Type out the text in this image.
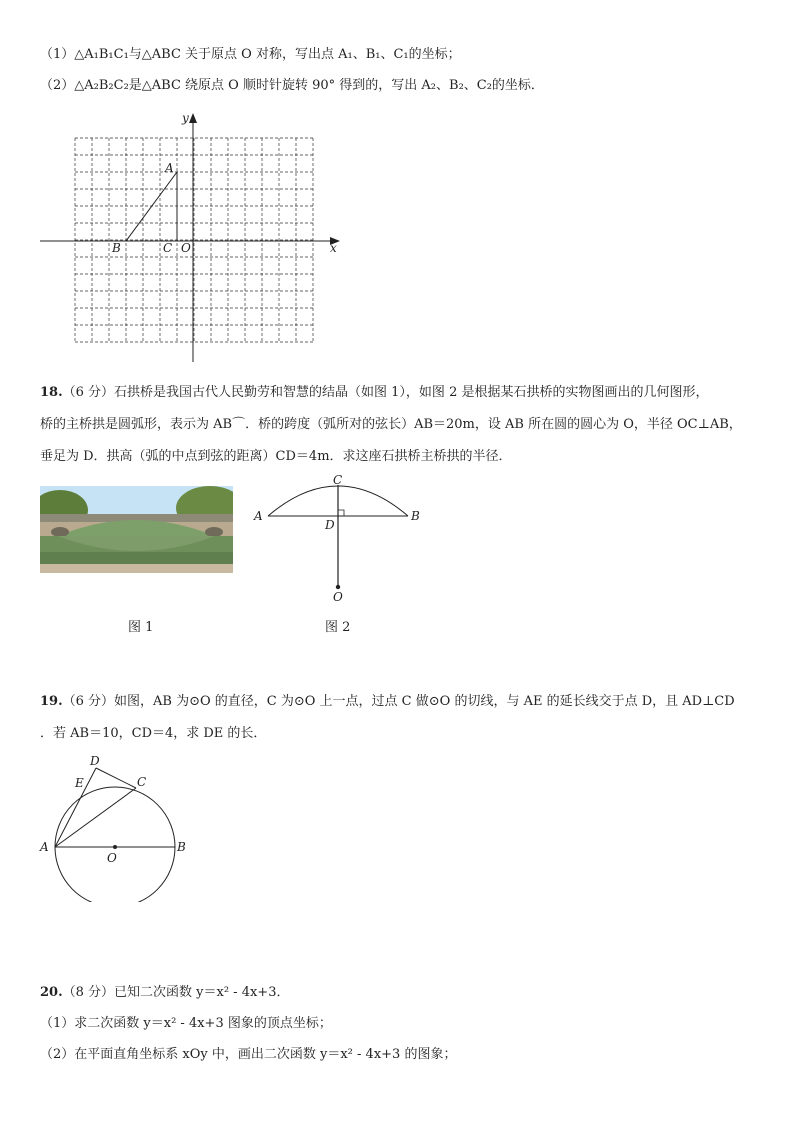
（1）△A₁B₁C₁与△ABC 关于原点 O 对称，写出点 A₁、B₁、C₁的坐标；
（2）△A₂B₂C₂是△ABC 绕原点 O 顺时针旋转 90° 得到的，写出 A₂、B₂、C₂的坐标．
y
x
A
B	C O
18.（6 分）石拱桥是我国古代人民勤劳和智慧的结晶（如图 1），如图 2 是根据某石拱桥的实物图画出的几何图形，
桥的主桥拱是圆弧形，表示为 AB⌒．桥的跨度（弧所对的弦长）AB＝20m，设 AB 所在圆的圆心为 O，半径 OC⊥AB，
垂足为 D．拱高（弧的中点到弦的距离）CD＝4m．求这座石拱桥主桥拱的半径．
图 1
C
A	B
D
O
图 2
19.（6 分）如图，AB 为⊙O 的直径，C 为⊙O 上一点，过点 C 做⊙O 的切线，与 AE 的延长线交于点 D，且 AD⊥CD
．若 AB＝10，CD＝4，求 DE 的长．
D
E	C
A	B
O
20.（8 分）已知二次函数 y＝x² - 4x+3．
（1）求二次函数 y＝x² - 4x+3 图象的顶点坐标；
（2）在平面直角坐标系 xOy 中，画出二次函数 y＝x² - 4x+3 的图象；
